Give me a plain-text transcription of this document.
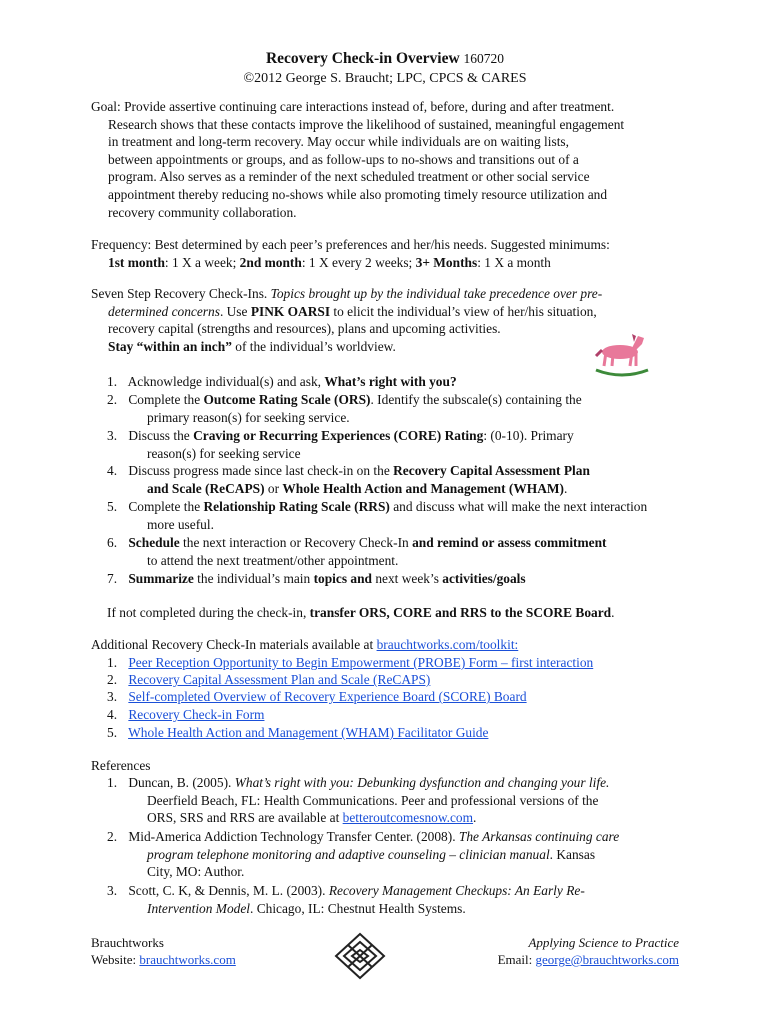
Recovery Check-in Overview 160720
©2012 George S. Braucht; LPC, CPCS & CARES
Goal: Provide assertive continuing care interactions instead of, before, during and after treatment.
Research shows that these contacts improve the likelihood of sustained, meaningful engagement
in treatment and long-term recovery. May occur while individuals are on waiting lists,
between appointments or groups, and as follow-ups to no-shows and transitions out of a
program. Also serves as a reminder of the next scheduled treatment or other social service
appointment thereby reducing no-shows while also promoting timely resource utilization and
recovery community collaboration.
Frequency: Best determined by each peer’s preferences and her/his needs. Suggested minimums:
1st month: 1 X a week; 2nd month: 1 X every 2 weeks; 3+ Months: 1 X a month
Seven Step Recovery Check-Ins. Topics brought up by the individual take precedence over pre-
determined concerns. Use PINK OARSI to elicit the individual’s view of her/his situation,
recovery capital (strengths and resources), plans and upcoming activities.
Stay “within an inch” of the individual’s worldview.
1. Acknowledge individual(s) and ask, What’s right with you?
2. Complete the Outcome Rating Scale (ORS). Identify the subscale(s) containing the
primary reason(s) for seeking service.
3. Discuss the Craving or Recurring Experiences (CORE) Rating: (0-10). Primary
reason(s) for seeking service
4. Discuss progress made since last check-in on the Recovery Capital Assessment Plan
and Scale (ReCAPS) or Whole Health Action and Management (WHAM).
5. Complete the Relationship Rating Scale (RRS) and discuss what will make the next interaction
more useful.
6. Schedule the next interaction or Recovery Check-In and remind or assess commitment
to attend the next treatment/other appointment.
7. Summarize the individual’s main topics and next week’s activities/goals
If not completed during the check-in, transfer ORS, CORE and RRS to the SCORE Board.
Additional Recovery Check-In materials available at brauchtworks.com/toolkit:
1. Peer Reception Opportunity to Begin Empowerment (PROBE) Form – first interaction
2. Recovery Capital Assessment Plan and Scale (ReCAPS)
3. Self-completed Overview of Recovery Experience Board (SCORE) Board
4. Recovery Check-in Form
5. Whole Health Action and Management (WHAM) Facilitator Guide
References
1. Duncan, B. (2005). What’s right with you: Debunking dysfunction and changing your life.
Deerfield Beach, FL: Health Communications. Peer and professional versions of the
ORS, SRS and RRS are available at betteroutcomesnow.com.
2. Mid-America Addiction Technology Transfer Center. (2008). The Arkansas continuing care
program telephone monitoring and adaptive counseling – clinician manual. Kansas
City, MO: Author.
3. Scott, C. K, & Dennis, M. L. (2003). Recovery Management Checkups: An Early Re-
Intervention Model. Chicago, IL: Chestnut Health Systems.
Brauchtworks
Website: brauchtworks.com
Applying Science to Practice
Email: george@brauchtworks.com
